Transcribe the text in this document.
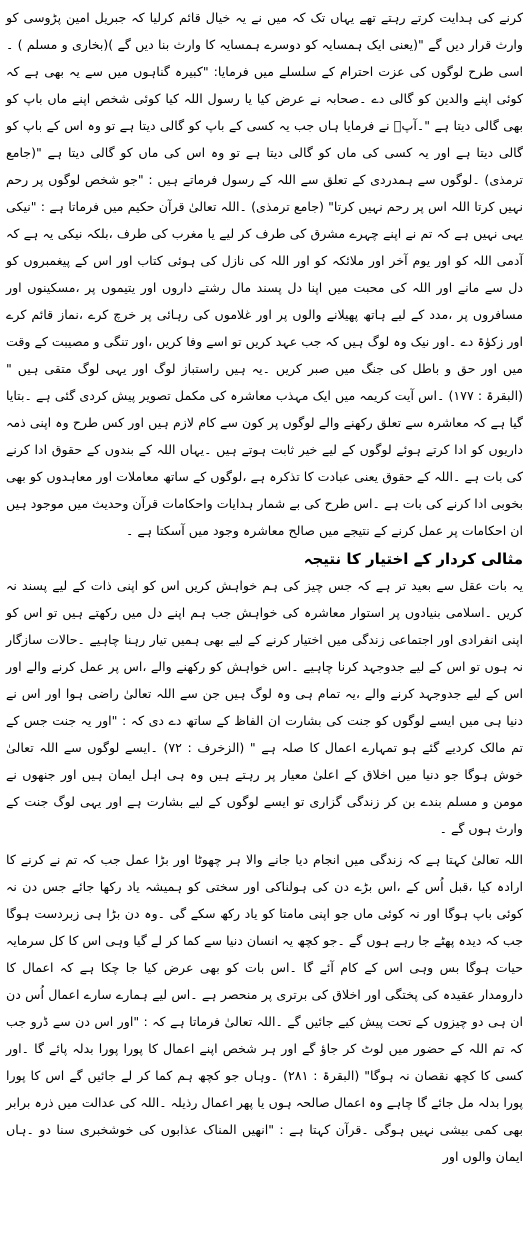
کرنے کی ہدایت کرتے رہتے تھے یہاں تک کہ میں نے یہ خیال قائم کرلیا کہ جبریل امین پڑوسی کو وارث قرار دیں گے "(یعنی ایک ہمسایہ کو دوسرے ہمسایہ کا وارث بنا دیں گے )(بخاری و مسلم ) ۔اسی طرح لوگوں کی عزت احترام کے سلسلے میں فرمایا: "کبیرہ گناہوں میں سے یہ بھی ہے کہ کوئی اپنے والدین کو گالی دے ۔صحابہ نے عرض کیا یا رسول اللہ کیا کوئی شخص اپنے ماں باپ کو بھی گالی دیتا ہے "۔آپؐ نے فرمایا ہاں جب یہ کسی کے باپ کو گالی دیتا ہے تو وہ اس کے باپ کو گالی دیتا ہے اور یہ کسی کی ماں کو گالی دیتا ہے تو وہ اس کی ماں کو گالی دیتا ہے "(جامع ترمذی) ۔لوگوں سے ہمدردی کے تعلق سے اللہ کے رسول فرماتے ہیں : "جو شخص لوگوں پر رحم نہیں کرتا اللہ اس پر رحم نہیں کرتا" (جامع ترمذی) ۔اللہ تعالیٰ قرآن حکیم میں فرماتا ہے : "نیکی یہی نہیں ہے کہ تم نے اپنے چہرے مشرق کی طرف کر لیے یا مغرب کی طرف ،بلکہ نیکی یہ ہے کہ آدمی اللہ کو اور یوم آخر اور ملائکہ کو اور اللہ کی نازل کی ہوئی کتاب اور اس کے پیغمبروں کو دل سے مانے اور اللہ کی محبت میں اپنا دل پسند مال رشتے داروں اور یتیموں پر ،مسکینوں اور مسافروں پر ،مدد کے لیے ہاتھ پھیلانے والوں پر اور غلاموں کی رہائی پر خرچ کرے ،نماز قائم کرے اور زکوٰۃ دے ۔اور نیک وہ لوگ ہیں کہ جب عہد کریں تو اسے وفا کریں ،اور تنگی و مصیبت کے وقت میں اور حق و باطل کی جنگ میں صبر کریں ۔یہ ہیں راستباز لوگ اور یہی لوگ متقی ہیں " (البقرۃ : ۱۷۷) ۔اس آیت کریمہ میں ایک مہذب معاشرہ کی مکمل تصویر پیش کردی گئی ہے ۔بتایا گیا ہے کہ معاشرہ سے تعلق رکھنے والے لوگوں پر کون سے کام لازم ہیں اور کس طرح وہ اپنی ذمہ داریوں کو ادا کرتے ہوئے لوگوں کے لیے خیر ثابت ہوتے ہیں ۔یہاں اللہ کے بندوں کے حقوق ادا کرنے کی بات ہے ۔اللہ کے حقوق یعنی عبادت کا تذکرہ ہے ،لوگوں کے ساتھ معاملات اور معاہدوں کو بھی بخوبی ادا کرنے کی بات ہے ۔اس طرح کی بے شمار ہدایات واحکامات قرآن وحدیث میں موجود ہیں ان احکامات پر عمل کرنے کے نتیجے میں صالح معاشرہ وجود میں آسکتا ہے ۔

مثالی کردار کے اختیار کا نتیجہ

یہ بات عقل سے بعید تر ہے کہ جس چیز کی ہم خواہش کریں اس کو اپنی ذات کے لیے پسند نہ کریں ۔اسلامی بنیادوں پر استوار معاشرہ کی خواہش جب ہم اپنے دل میں رکھتے ہیں تو اس کو اپنی انفرادی اور اجتماعی زندگی میں اختیار کرنے کے لیے بھی ہمیں تیار رہنا چاہیے ۔حالات سازگار نہ ہوں تو اس کے لیے جدوجہد کرنا چاہیے ۔اس خواہش کو رکھنے والے ،اس پر عمل کرنے والے اور اس کے لیے جدوجہد کرنے والے ،یہ تمام ہی وہ لوگ ہیں جن سے اللہ تعالیٰ راضی ہوا اور اس نے دنیا ہی میں ایسے لوگوں کو جنت کی بشارت ان الفاظ کے ساتھ دے دی کہ : "اور یہ جنت جس کے تم مالک کردیے گئے ہو تمہارے اعمال کا صلہ ہے " (الزخرف : ۷۲) ۔ایسے لوگوں سے اللہ تعالیٰ خوش ہوگا جو دنیا میں اخلاق کے اعلیٰ معیار پر رہتے ہیں وہ ہی اہل ایمان ہیں اور جنھوں نے مومن و مسلم بندے بن کر زندگی گزاری تو ایسے لوگوں کے لیے بشارت ہے اور یہی لوگ جنت کے وارث ہوں گے ۔

اللہ تعالیٰ کہتا ہے کہ زندگی میں انجام دیا جانے والا ہر چھوٹا اور بڑا عمل جب کہ تم نے کرنے کا ارادہ کیا ،قبل اُس کے ،اس بڑے دن کی ہولناکی اور سختی کو ہمیشہ یاد رکھا جائے جس دن نہ کوئی باپ ہوگا اور نہ کوئی ماں جو اپنی مامتا کو یاد رکھ سکے گی ۔وہ دن بڑا ہی زبردست ہوگا جب کہ دیدہ پھٹے جا رہے ہوں گے ۔جو کچھ یہ انسان دنیا سے کما کر لے گیا وہی اس کا کل سرمایہ حیات ہوگا بس وہی اس کے کام آئے گا ۔اس بات کو بھی عرض کیا جا چکا ہے کہ اعمال کا دارومدار عقیدہ کی پختگی اور اخلاق کی برتری پر منحصر ہے ۔اس لیے ہمارے سارے اعمال اُس دن ان ہی دو چیزوں کے تحت پیش کیے جائیں گے ۔اللہ تعالیٰ فرماتا ہے کہ : "اور اس دن سے ڈرو جب کہ تم اللہ کے حضور میں لوٹ کر جاؤ گے اور ہر شخص اپنے اعمال کا پورا پورا بدلہ پائے گا ۔اور کسی کا کچھ نقصان نہ ہوگا" (البقرۃ : ۲۸۱) ۔وہاں جو کچھ ہم کما کر لے جائیں گے اس کا پورا پورا بدلہ مل جائے گا چاہے وہ اعمال صالحہ ہوں یا پھر اعمال رذیلہ ۔اللہ کی عدالت میں ذرہ برابر بھی کمی بیشی نہیں ہوگی ۔قرآن کہتا ہے : "انھیں المناک عذابوں کی خوشخبری سنا دو ۔ہاں ایمان والوں اور
